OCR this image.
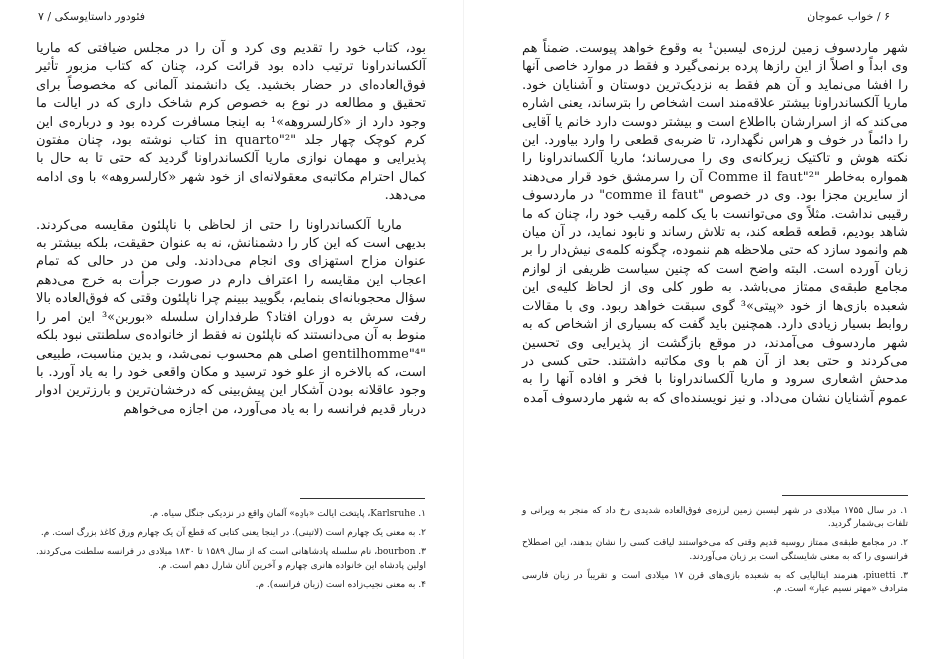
فئودور داستایوسکی / ۷

بود، کتاب خود را تقدیم وی کرد و آن را در مجلس ضیافتی که ماریا آلکساندراونا ترتیب داده بود قرائت کرد، چنان که کتاب مزبور تأثیر فوق‌العاده‌ای در حضار بخشید. یک دانشمند آلمانی که مخصوصاً برای تحقیق و مطالعه در نوع به خصوص کرم شاخک داری که در ایالت ما وجود دارد از «کارلسروهه»¹ به اینجا مسافرت کرده بود و درباره‌ی این کرم کوچک چهار جلد "in quarto"² کتاب نوشته بود، چنان مفتون پذیرایی و مهمان نوازی ماریا آلکساندراونا گردید که حتی تا به حال با کمال احترام مکاتبه‌ی معقولانه‌ای از خود شهر «کارلسروهه» با وی ادامه می‌دهد.

ماریا آلکساندراونا را حتی از لحاظی با ناپلئون مقایسه می‌کردند. بدیهی است که این کار را دشمنانش، نه به عنوان حقیقت، بلکه بیشتر به عنوان مزاح استهزای وی انجام می‌دادند. ولی من در حالی که تمام اعجاب این مقایسه را اعتراف دارم در صورت جرأت به خرج می‌دهم سؤال محجوبانه‌ای بنمایم، بگویید ببینم چرا ناپلئون وقتی که فوق‌العاده بالا رفت سرش به دوران افتاد؟ طرفداران سلسله «بوربن»³ این امر را منوط به آن می‌دانستند که ناپلئون نه فقط از خانواده‌ی سلطنتی نبود بلکه "gentilhomme"⁴ اصلی هم محسوب نمی‌شد، و بدین مناسبت، طبیعی است، که بالاخره از علو خود ترسید و مکان واقعی خود را به یاد آورد. با وجود عاقلانه بودن آشکار این پیش‌بینی که درخشان‌ترین و بارزترین ادوار دربار قدیم فرانسه را به یاد می‌آورد، من اجازه می‌خواهم

۱. Karlsruhe، پایتخت ایالت «بادِه» آلمان واقع در نزدیکی جنگل سیاه. م.

۲. به معنی یک چهارم است (لاتینی). در اینجا یعنی کتابی که قطع آن یک چهارم ورق کاغذ بزرگ است. م.

۳. bourbon، نام سلسله پادشاهانی است که از سال ۱۵۸۹ تا ۱۸۳۰ میلادی در فرانسه سلطنت می‌کردند. اولین پادشاه این خانواده هانری چهارم و آخرین آنان شارل دهم است. م.

۴. به معنی نجیب‌زاده است (زبان فرانسه). م.

۶ / خواب عموجان

شهر ماردسوف زمین لرزه‌ی لیسبن¹ به وقوع خواهد پیوست. ضمناً هم وی ابداً و اصلاً از این رازها پرده برنمی‌گیرد و فقط در موارد خاصی آنها را افشا می‌نماید و آن هم فقط به نزدیک‌ترین دوستان و آشنایان خود. ماریا آلکساندراونا بیشتر علاقه‌مند است اشخاص را بترساند، یعنی اشاره می‌کند که از اسرارشان بااطلاع است و بیشتر دوست دارد خانم یا آقایی را دائماً در خوف و هراس نگهدارد، تا ضربه‌ی قطعی را وارد بیاورد. این نکته هوش و تاکتیک زیرکانه‌ی وی را می‌رساند؛ ماریا آلکساندراونا را همواره به‌خاطر "Comme il faut"² آن را سرمشق خود قرار می‌دهند از سایرین مجزا بود. وی در خصوص "comme il faut" در ماردسوف رقیبی نداشت. مثلاً وی می‌توانست با یک کلمه رقیب خود را، چنان که ما شاهد بودیم، قطعه قطعه کند، به تلاش رساند و نابود نماید، در آن میان هم وانمود سازد که حتی ملاحظه هم ننموده، چگونه کلمه‌ی نیش‌دار را بر زبان آورده است. البته واضح است که چنین سیاست ظریفی از لوازم مجامع طبقه‌ی ممتاز می‌باشد. به طور کلی وی از لحاظ کلیه‌ی این شعبده بازی‌ها از خود «پیتی»³ گوی سبقت خواهد ربود. وی با مقالات روابط بسیار زیادی دارد. همچنین باید گفت که بسیاری از اشخاص که به شهر ماردسوف می‌آمدند، در موقع بازگشت از پذیرایی وی تحسین می‌کردند و حتی بعد از آن هم با وی مکاتبه داشتند. حتی کسی در مدحش اشعاری سرود و ماریا آلکساندراونا با فخر و افاده آنها را به عموم آشنایان نشان می‌داد. و نیز نویسنده‌ای که به شهر ماردسوف آمده

۱. در سال ۱۷۵۵ میلادی در شهر لیسبن زمین لرزه‌ی فوق‌العاده شدیدی رخ داد که منجر به ویرانی و تلفات بی‌شمار گردید.

۲. در مجامع طبقه‌ی ممتاز روسیه قدیم وقتی که می‌خواستند لیاقت کسی را نشان بدهند، این اصطلاح فرانسوی را که به معنی شایستگی است بر زبان می‌آوردند.

۳. piuetti، هنرمند ایتالیایی که به شعبده بازی‌های قرن ۱۷ میلادی است و تقریباً در زبان فارسی مترادف «مهتر نسیم عیار» است. م.
